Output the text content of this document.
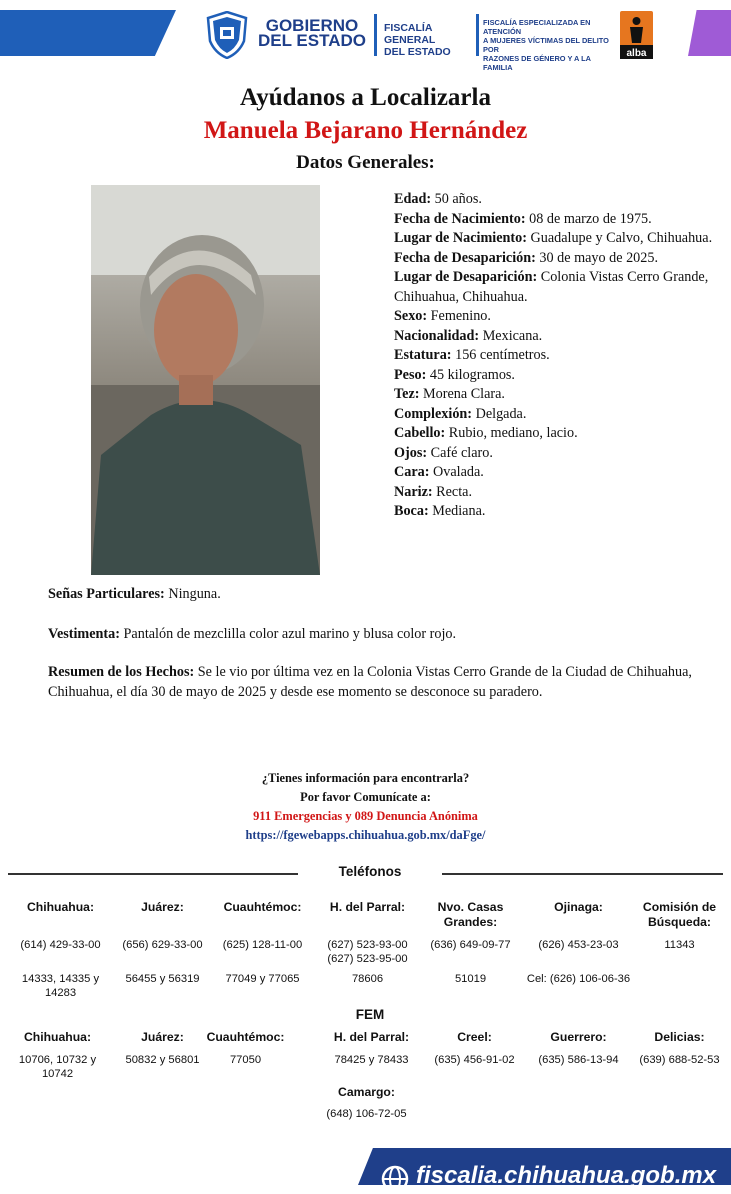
GOBIERNO
DEL ESTADO
FISCALÍA GENERAL
DEL ESTADO
FISCALÍA ESPECIALIZADA EN ATENCIÓN
A MUJERES VÍCTIMAS DEL DELITO POR
RAZONES DE GÉNERO Y A LA FAMILIA
alba
Ayúdanos a Localizarla
Manuela Bejarano Hernández
Datos Generales:
Edad: 50 años.
Fecha de Nacimiento: 08 de marzo de 1975.
Lugar de Nacimiento: Guadalupe y Calvo, Chihuahua.
Fecha de Desaparición: 30 de mayo de 2025.
Lugar de Desaparición: Colonia Vistas Cerro Grande, Chihuahua, Chihuahua.
Sexo: Femenino.
Nacionalidad: Mexicana.
Estatura: 156 centímetros.
Peso: 45 kilogramos.
Tez: Morena Clara.
Complexión: Delgada.
Cabello: Rubio, mediano, lacio.
Ojos: Café claro.
Cara: Ovalada.
Nariz: Recta.
Boca: Mediana.
Señas Particulares: Ninguna.
Vestimenta: Pantalón de mezclilla color azul marino y blusa color rojo.
Resumen de los Hechos: Se le vio por última vez en la Colonia Vistas Cerro Grande de la Ciudad de Chihuahua, Chihuahua, el día 30 de mayo de 2025 y desde ese momento se desconoce su paradero.
¿Tienes información para encontrarla?
Por favor Comunícate a:
911 Emergencias y 089 Denuncia Anónima
https://fgewebapps.chihuahua.gob.mx/daFge/
Teléfonos
Chihuahua:
(614) 429-33-00
14333, 14335 y 14283
Juárez:
(656) 629-33-00
56455 y 56319
Cuauhtémoc:
(625) 128-11-00
77049 y 77065
H. del Parral:
(627) 523-93-00 (627) 523-95-00
78606
Nvo. Casas Grandes:
(636) 649-09-77
51019
Ojinaga:
(626) 453-23-03
Cel: (626) 106-06-36
Comisión de Búsqueda:
11343
FEM
Chihuahua:
10706, 10732 y 10742
Juárez:
50832 y 56801
Cuauhtémoc:
77050
H. del Parral:
78425 y 78433
Creel:
(635) 456-91-02
Guerrero:
(635) 586-13-94
Delicias:
(639) 688-52-53
Camargo:
(648) 106-72-05
fiscalia.chihuahua.gob.mx
